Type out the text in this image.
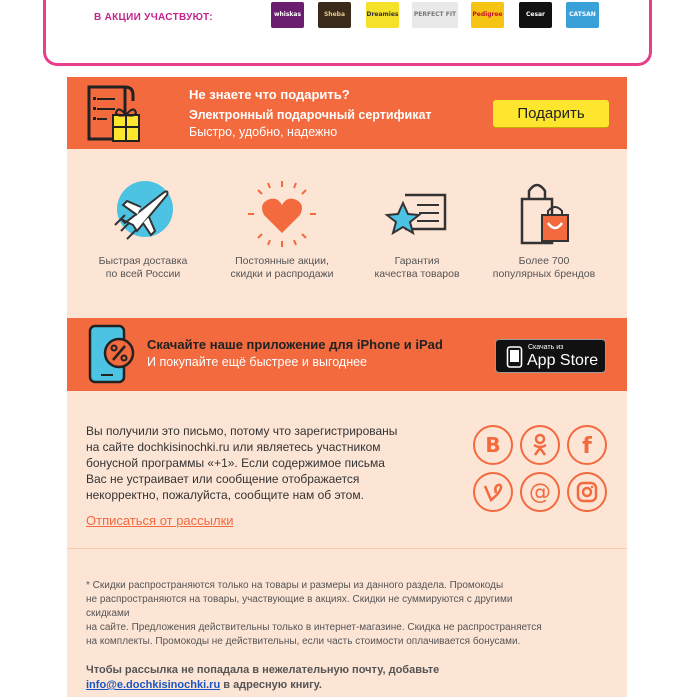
В АКЦИИ УЧАСТВУЮТ:	whiskas	Sheba	Dreamies	PERFECT FIT	Pedigree	Cesar	CATSAN
Не знаете что подарить?
Электронный подарочный сертификат
Быстро, удобно, надежно
Подарить
Быстрая доставка
по всей России
Постоянные акции,
скидки и распродажи
Гарантия
качества товаров
Более 700
популярных брендов
Скачайте наше приложение для iPhone и iPad
И покупайте ещё быстрее и выгоднее
Скачать из
App Store
Вы получили это письмо, потому что зарегистрированы
на сайте dochkisinochki.ru или являетесь участником
бонусной программы «+1». Если содержимое письма
Вас не устраивает или сообщение отображается
некорректно, пожалуйста, сообщите нам об этом.
Отписаться от рассылки
В	f
@
* Скидки распространяются только на товары и размеры из данного раздела. Промокоды
не распространяются на товары, участвующие в акциях. Скидки не суммируются с другими
скидками
на сайте. Предложения действительны только в интернет-магазине. Скидка не распространяется
на комплекты. Промокоды не действительны, если часть стоимости оплачивается бонусами.
Чтобы рассылка не попадала в нежелательную почту, добавьте
info@e.dochkisinochki.ru в адресную книгу.
